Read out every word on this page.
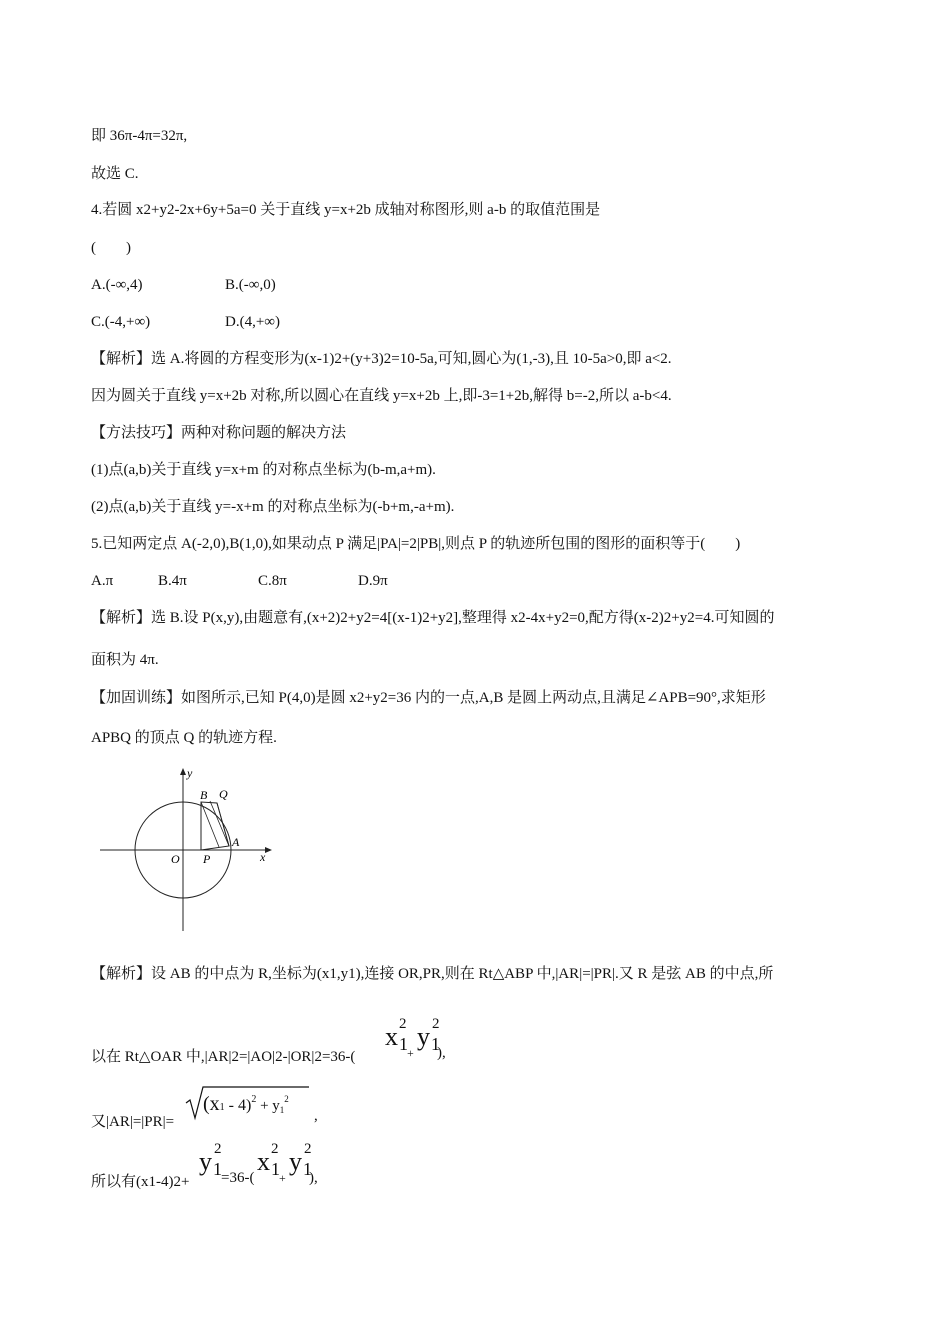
即 36π-4π=32π,
故选 C.
4.若圆 x2+y2-2x+6y+5a=0 关于直线 y=x+2b 成轴对称图形,则 a-b 的取值范围是
(　　)
A.(-∞,4)	B.(-∞,0)
C.(-4,+∞)	D.(4,+∞)
【解析】选 A.将圆的方程变形为(x-1)2+(y+3)2=10-5a,可知,圆心为(1,-3),且 10-5a>0,即 a<2.
因为圆关于直线 y=x+2b 对称,所以圆心在直线 y=x+2b 上,即-3=1+2b,解得 b=-2,所以 a-b<4.
【方法技巧】两种对称问题的解决方法
(1)点(a,b)关于直线 y=x+m 的对称点坐标为(b-m,a+m).
(2)点(a,b)关于直线 y=-x+m 的对称点坐标为(-b+m,-a+m).
5.已知两定点 A(-2,0),B(1,0),如果动点 P 满足|PA|=2|PB|,则点 P 的轨迹所包围的图形的面积等于(　　)
A.π	B.4π	C.8π	D.9π
【解析】选 B.设 P(x,y),由题意有,(x+2)2+y2=4[(x-1)2+y2],整理得 x2-4x+y2=0,配方得(x-2)2+y2=4.可知圆的
面积为 4π.
【加固训练】如图所示,已知 P(4,0)是圆 x2+y2=36 内的一点,A,B 是圆上两动点,且满足∠APB=90°,求矩形
APBQ 的顶点 Q 的轨迹方程.
y
x
O P
A
B Q
【解析】设 AB 的中点为 R,坐标为(x1,y1),连接 OR,PR,则在 Rt△ABP 中,|AR|=|PR|.又 R 是弦 AB 的中点,所
以在 Rt△OAR 中,|AR|2=|AO|2-|OR|2=36-(
x 2
1 +
y 2
1
),
又|AR|=|PR|=
$(x1 - 4)^2 + y1^2$
,
所以有(x1-4)2+
y 2
1 =36-(
x 2
1 +
y 2
1
),
